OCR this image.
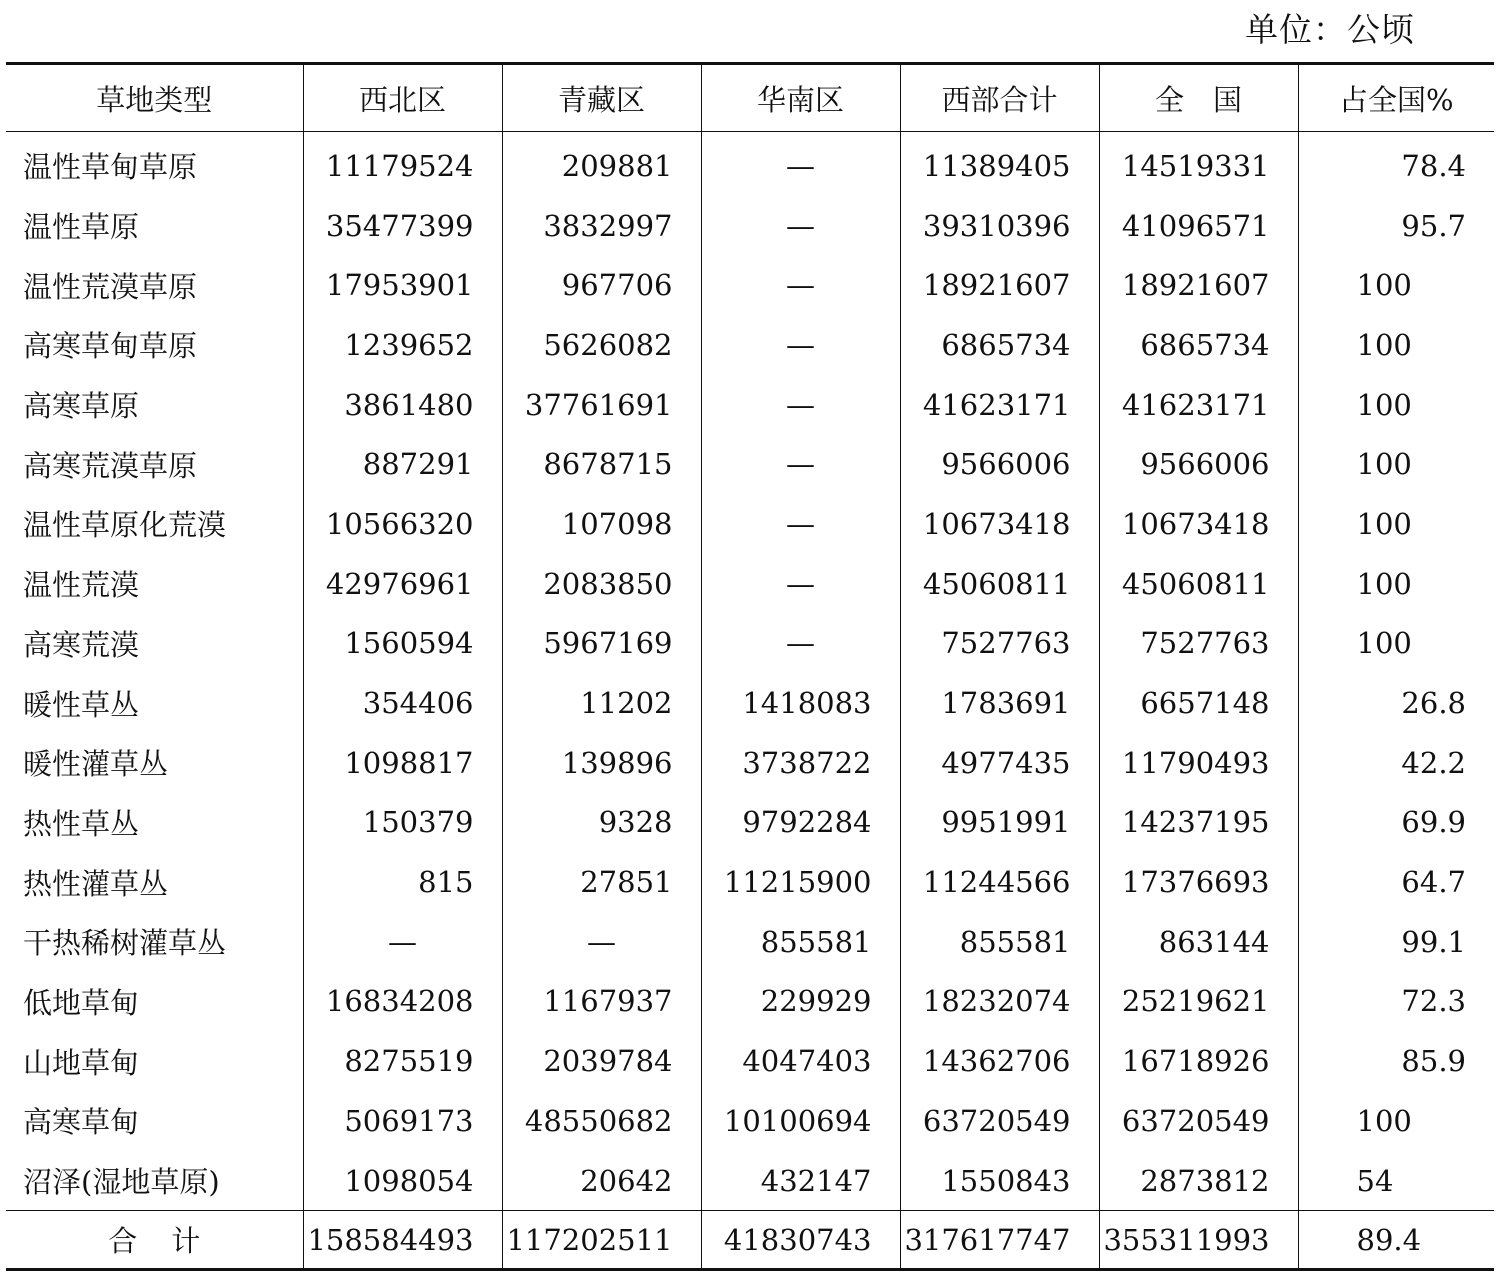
单位：公顷
草地类型	西北区	青藏区	华南区	西部合计	全　国	占全国%
温性草甸草原	11179524	209881	—	11389405	14519331	78.4
温性草原	35477399	3832997	—	39310396	41096571	95.7
温性荒漠草原	17953901	967706	—	18921607	18921607	100
高寒草甸草原	1239652	5626082	—	6865734	6865734	100
高寒草原	3861480	37761691	—	41623171	41623171	100
高寒荒漠草原	887291	8678715	—	9566006	9566006	100
温性草原化荒漠	10566320	107098	—	10673418	10673418	100
温性荒漠	42976961	2083850	—	45060811	45060811	100
高寒荒漠	1560594	5967169	—	7527763	7527763	100
暖性草丛	354406	11202	1418083	1783691	6657148	26.8
暖性灌草丛	1098817	139896	3738722	4977435	11790493	42.2
热性草丛	150379	9328	9792284	9951991	14237195	69.9
热性灌草丛	815	27851	11215900	11244566	17376693	64.7
干热稀树灌草丛	—	—	855581	855581	863144	99.1
低地草甸	16834208	1167937	229929	18232074	25219621	72.3
山地草甸	8275519	2039784	4047403	14362706	16718926	85.9
高寒草甸	5069173	48550682	10100694	63720549	63720549	100
沼泽(湿地草原)	1098054	20642	432147	1550843	2873812	54
合计	158584493	117202511	41830743	317617747	355311993	89.4
